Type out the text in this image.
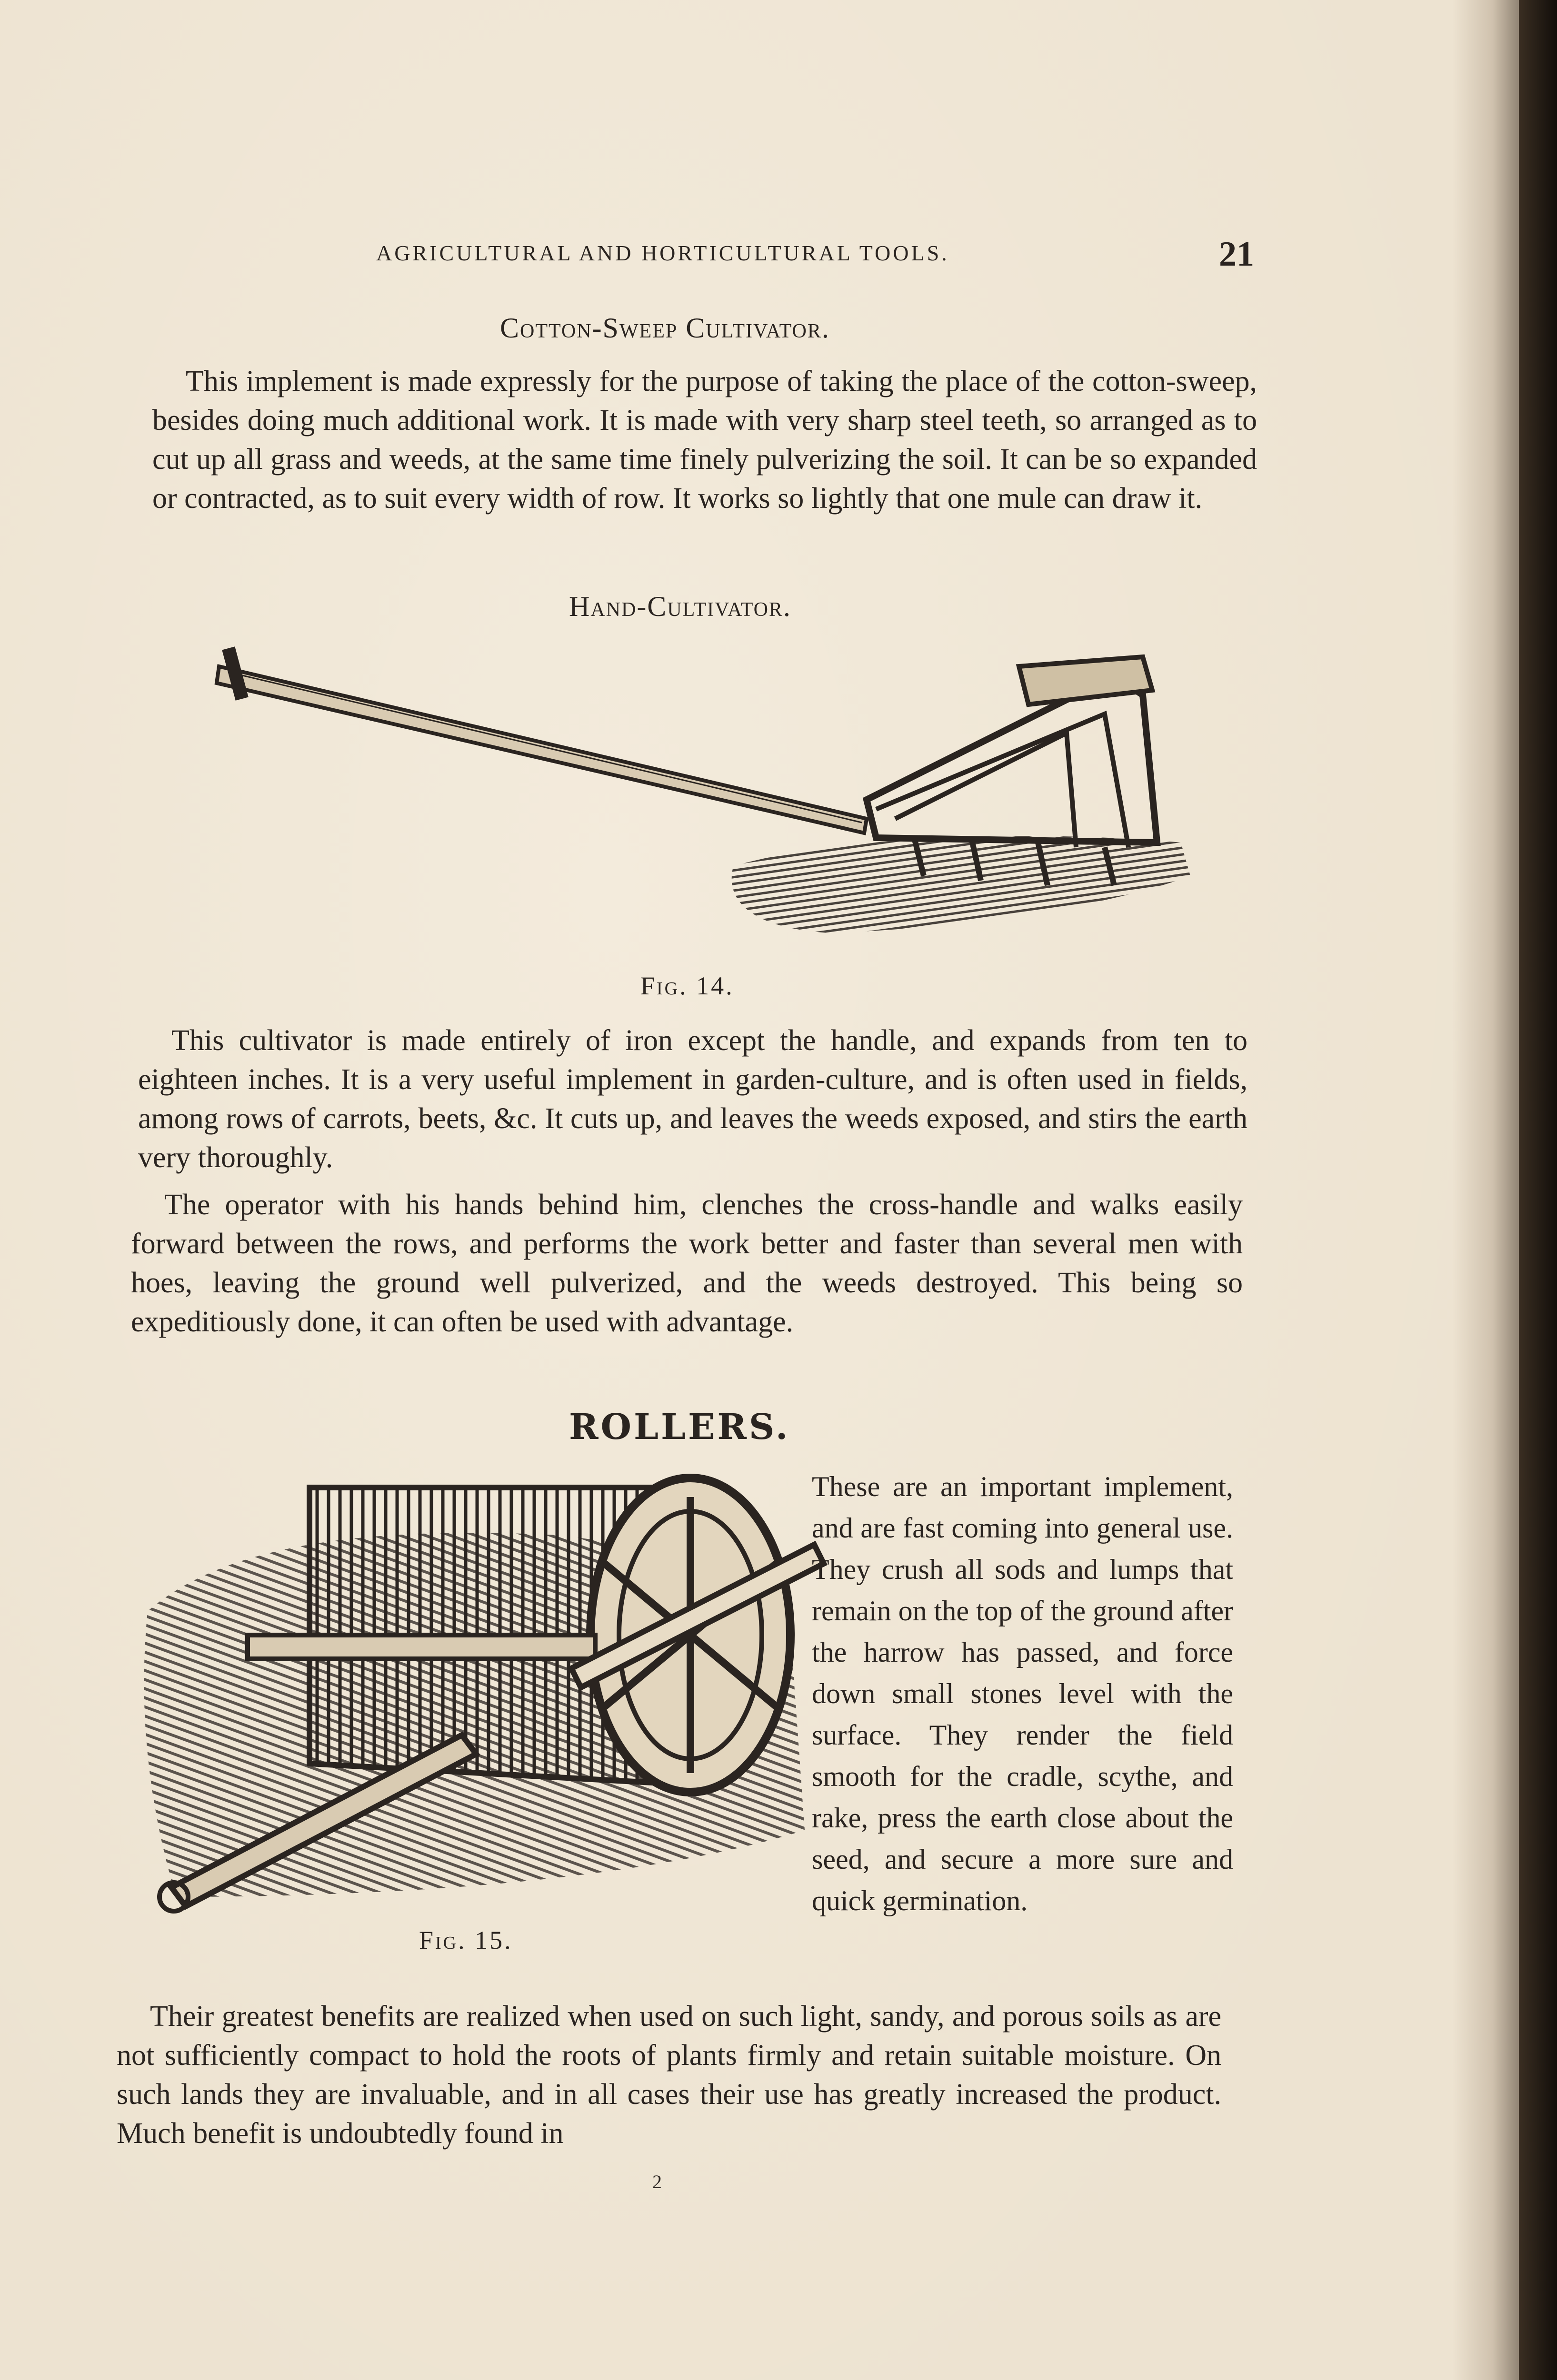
AGRICULTURAL AND HORTICULTURAL TOOLS.	21
Cotton-Sweep Cultivator.
This implement is made expressly for the purpose of taking the place of the cotton-sweep, besides doing much additional work. It is made with very sharp steel teeth, so arranged as to cut up all grass and weeds, at the same time finely pulverizing the soil. It can be so expanded or contracted, as to suit every width of row. It works so lightly that one mule can draw it.
Hand-Cultivator.
Fig. 14.
This cultivator is made entirely of iron except the handle, and expands from ten to eighteen inches. It is a very useful implement in garden-culture, and is often used in fields, among rows of carrots, beets, &c. It cuts up, and leaves the weeds exposed, and stirs the earth very thoroughly.
The operator with his hands behind him, clenches the cross-handle and walks easily forward between the rows, and performs the work better and faster than several men with hoes, leaving the ground well pulverized, and the weeds destroyed. This being so expeditiously done, it can often be used with advantage.
ROLLERS.
Fig. 15.
These are an important implement, and are fast coming into general use. They crush all sods and lumps that remain on the top of the ground after the harrow has passed, and force down small stones level with the surface. They render the field smooth for the cradle, scythe, and rake, press the earth close about the seed, and secure a more sure and quick germination.
Their greatest benefits are realized when used on such light, sandy, and porous soils as are not sufficiently compact to hold the roots of plants firmly and retain suitable moisture. On such lands they are invaluable, and in all cases their use has greatly increased the product. Much benefit is undoubtedly found in
2
